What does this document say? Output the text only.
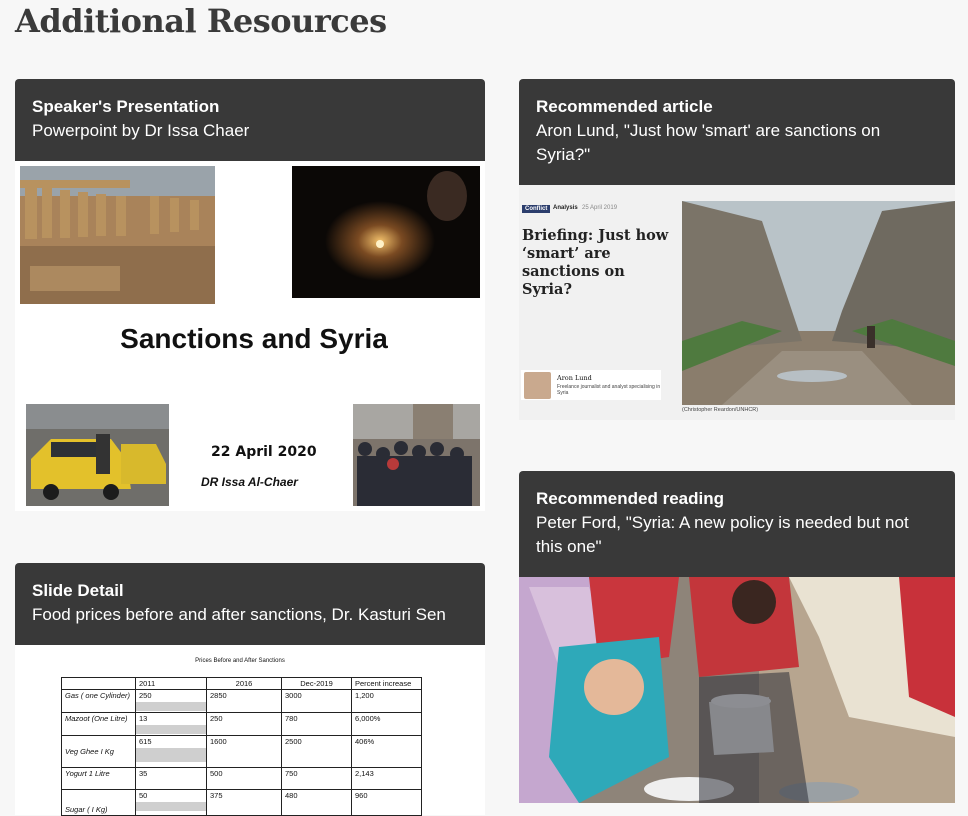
Additional Resources
Speaker's Presentation
Powerpoint by Dr Issa Chaer
Sanctions and Syria
22 April 2020
DR Issa Al-Chaer
Slide Detail
Food prices before and after sanctions, Dr. Kasturi Sen
Prices Before and After Sanctions
	2011	2016	Dec-2019	Percent increase
Gas ( one Cylinder)	250	2850	3000	1,200
Mazoot (One Litre)	13	250	780	6,000%
Veg Ghee I Kg	615	1600	2500	406%
Yogurt 1 Litre	35	500	750	2,143
Sugar ( I Kg)	50	375	480	960
Recommended article
Aron Lund, "Just how 'smart' are sanctions on Syria?"
Conflict Analysis 25 April 2019
Briefing: Just how ‘smart’ are sanctions on Syria?
Aron Lund
Freelance journalist and analyst specialising in Syria
(Christopher Reardon/UNHCR)
Recommended reading
Peter Ford, "Syria: A new policy is needed but not this one"
